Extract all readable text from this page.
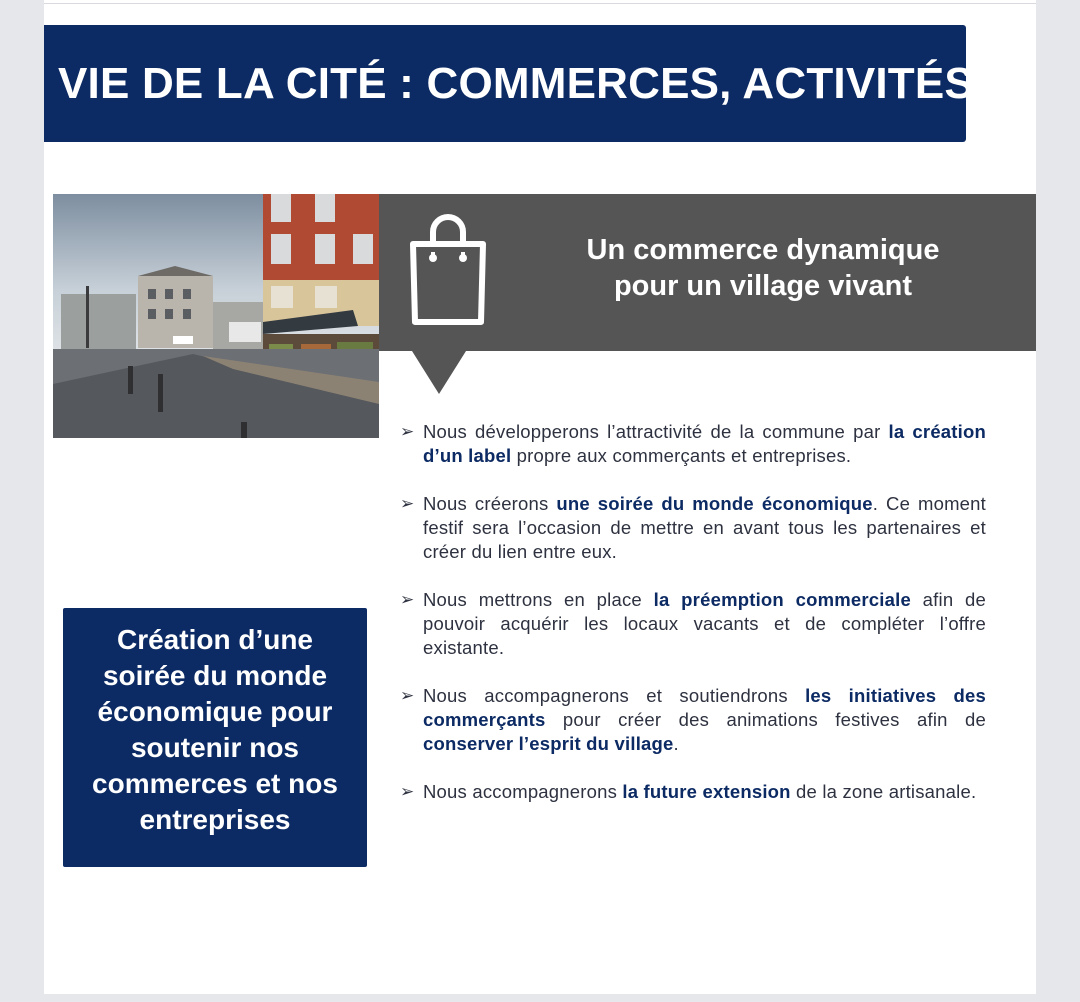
VIE DE LA CITÉ : COMMERCES, ACTIVITÉS
Un commerce dynamique
pour un village vivant
➢ Nous développerons l’attractivité de la commune par la création d’un label propre aux commerçants et entreprises.
➢ Nous créerons une soirée du monde économique. Ce moment festif sera l’occasion de mettre en avant tous les partenaires et créer du lien entre eux.
➢ Nous mettrons en place la préemption commerciale afin de pouvoir acquérir les locaux vacants et de compléter l’offre existante.
➢ Nous accompagnerons et soutiendrons les initiatives des commerçants pour créer des animations festives afin de conserver l’esprit du village.
➢ Nous accompagnerons la future extension de la zone artisanale.
Création d’une
soirée du monde
économique pour
soutenir nos
commerces et nos
entreprises
